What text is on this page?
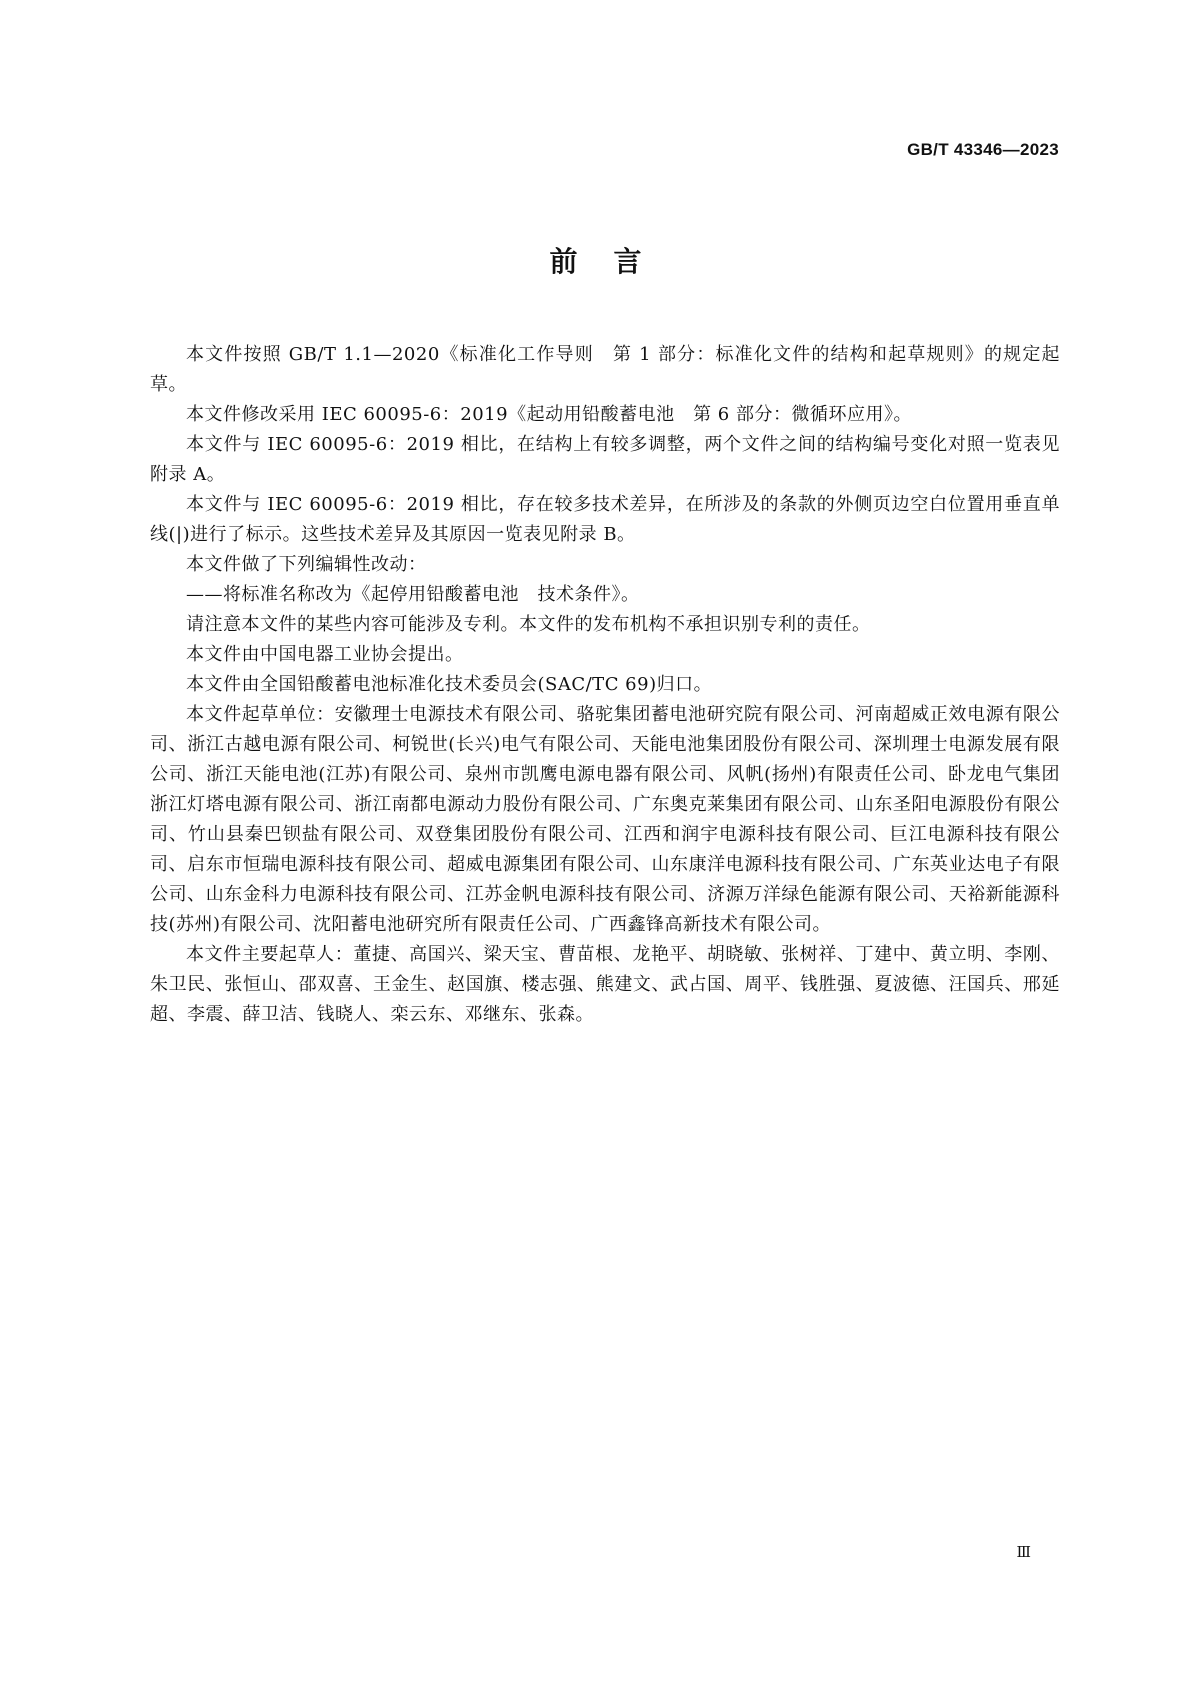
GB/T 43346—2023
前言

本文件按照 GB/T 1.1—2020《标准化工作导则　第 1 部分：标准化文件的结构和起草规则》的规定起草。

本文件修改采用 IEC 60095-6：2019《起动用铅酸蓄电池　第 6 部分：微循环应用》。

本文件与 IEC 60095-6：2019 相比，在结构上有较多调整，两个文件之间的结构编号变化对照一览表见附录 A。

本文件与 IEC 60095-6：2019 相比，存在较多技术差异，在所涉及的条款的外侧页边空白位置用垂直单线(|)进行了标示。这些技术差异及其原因一览表见附录 B。

本文件做了下列编辑性改动：

——将标准名称改为《起停用铅酸蓄电池　技术条件》。

请注意本文件的某些内容可能涉及专利。本文件的发布机构不承担识别专利的责任。

本文件由中国电器工业协会提出。

本文件由全国铅酸蓄电池标准化技术委员会(SAC/TC 69)归口。

本文件起草单位：安徽理士电源技术有限公司、骆驼集团蓄电池研究院有限公司、河南超威正效电源有限公司、浙江古越电源有限公司、柯锐世(长兴)电气有限公司、天能电池集团股份有限公司、深圳理士电源发展有限公司、浙江天能电池(江苏)有限公司、泉州市凯鹰电源电器有限公司、风帆(扬州)有限责任公司、卧龙电气集团浙江灯塔电源有限公司、浙江南都电源动力股份有限公司、广东奥克莱集团有限公司、山东圣阳电源股份有限公司、竹山县秦巴钡盐有限公司、双登集团股份有限公司、江西和润宇电源科技有限公司、巨江电源科技有限公司、启东市恒瑞电源科技有限公司、超威电源集团有限公司、山东康洋电源科技有限公司、广东英业达电子有限公司、山东金科力电源科技有限公司、江苏金帆电源科技有限公司、济源万洋绿色能源有限公司、天裕新能源科技(苏州)有限公司、沈阳蓄电池研究所有限责任公司、广西鑫锋高新技术有限公司。

本文件主要起草人：董捷、高国兴、梁天宝、曹苗根、龙艳平、胡晓敏、张树祥、丁建中、黄立明、李刚、朱卫民、张恒山、邵双喜、王金生、赵国旗、楼志强、熊建文、武占国、周平、钱胜强、夏波德、汪国兵、邢延超、李震、薛卫洁、钱晓人、栾云东、邓继东、张森。

Ⅲ
